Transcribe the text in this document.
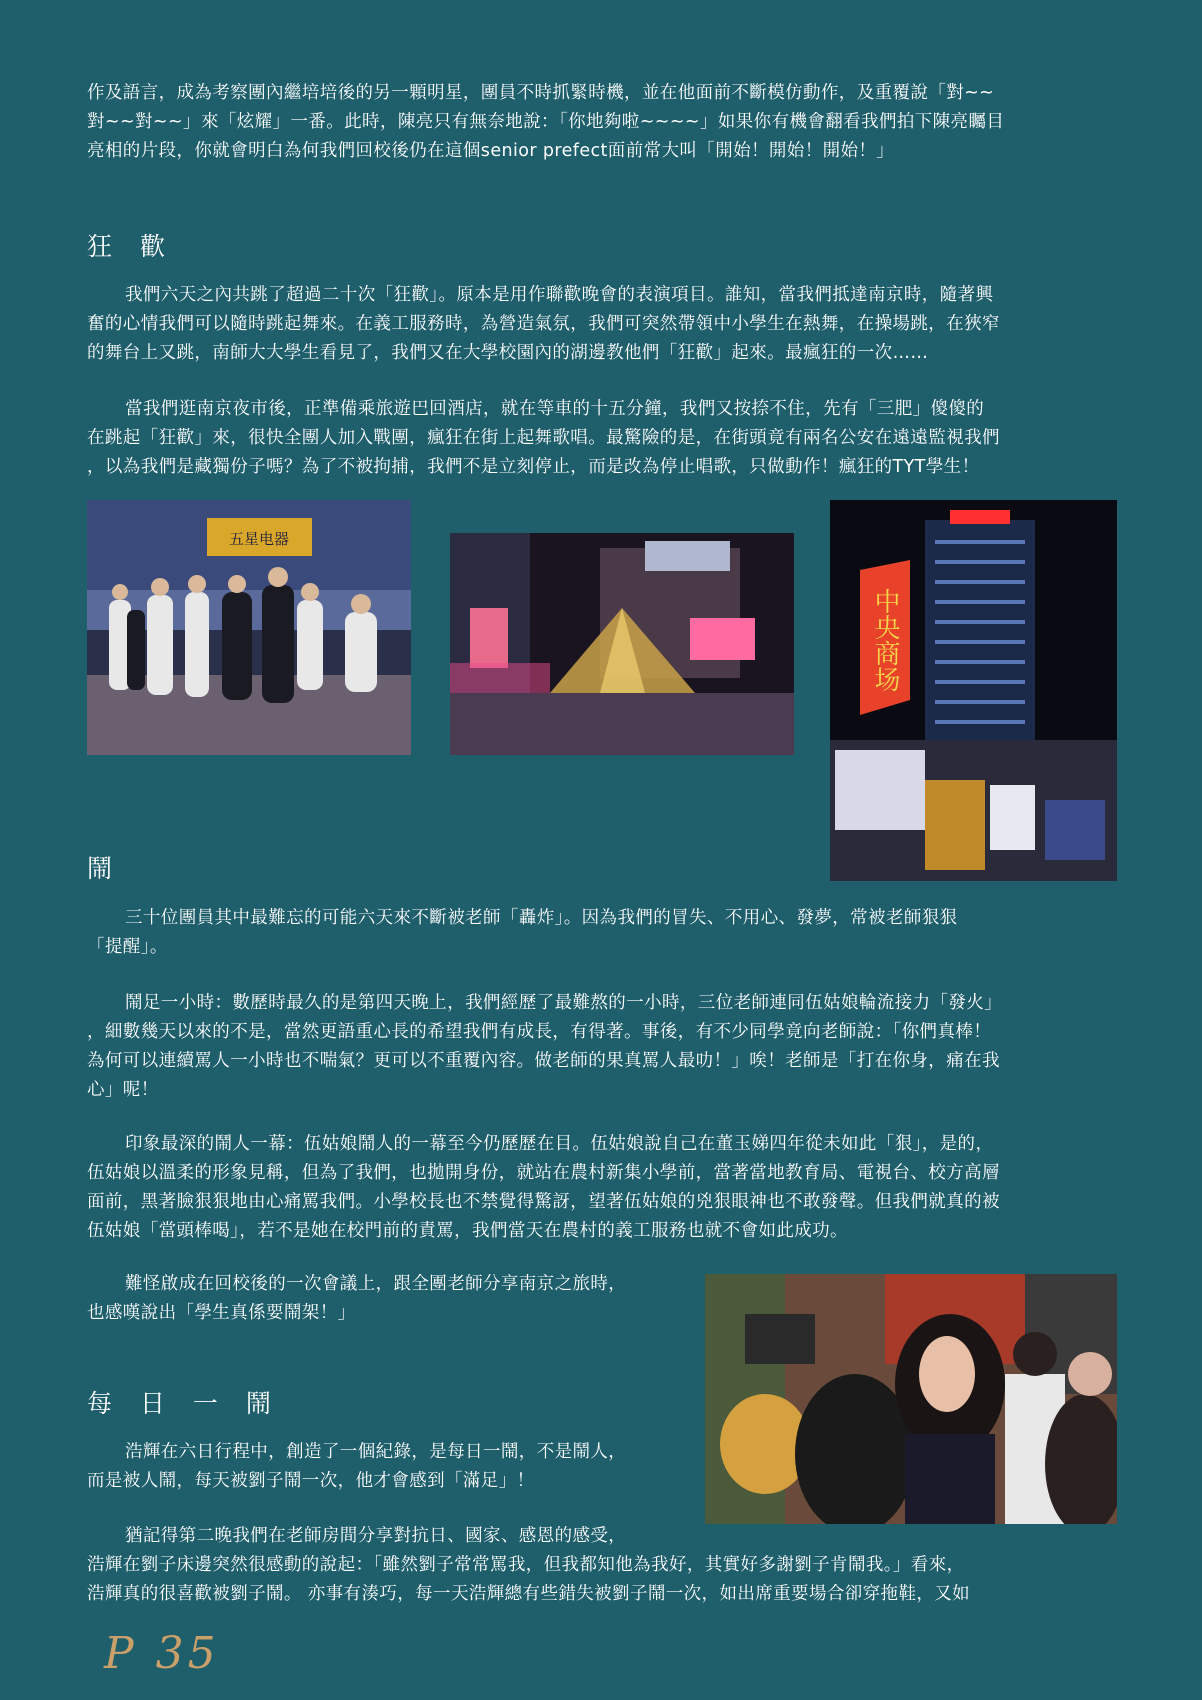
作及語言，成為考察團內繼培培後的另一顆明星，團員不時抓緊時機，並在他面前不斷模仿動作，及重覆說「對~~

對~~對~~」來「炫耀」一番。此時，陳亮只有無奈地說：「你地夠啦~~~~」如果你有機會翻看我們拍下陳亮矚目

亮相的片段，你就會明白為何我們回校後仍在這個senior prefect面前常大叫「開始！開始！開始！」

狂 歡

我們六天之內共跳了超過二十次「狂歡」。原本是用作聯歡晚會的表演項目。誰知，當我們抵達南京時，隨著興

奮的心情我們可以隨時跳起舞來。在義工服務時，為營造氣氛，我們可突然帶領中小學生在熱舞，在操場跳，在狹窄

的舞台上又跳，南師大大學生看見了，我們又在大學校園內的湖邊教他們「狂歡」起來。最瘋狂的一次……

當我們逛南京夜市後，正準備乘旅遊巴回酒店，就在等車的十五分鐘，我們又按捺不住，先有「三肥」傻傻的

在跳起「狂歡」來，很快全團人加入戰團，瘋狂在街上起舞歌唱。最驚險的是，在街頭竟有兩名公安在遠遠監視我們

，以為我們是藏獨份子嗎？為了不被拘捕，我們不是立刻停止，而是改為停止唱歌，只做動作！瘋狂的TYT學生！

鬧

三十位團員其中最難忘的可能六天來不斷被老師「轟炸」。因為我們的冒失、不用心、發夢，常被老師狠狠

「提醒」。

鬧足一小時：數歷時最久的是第四天晚上，我們經歷了最難熬的一小時，三位老師連同伍姑娘輪流接力「發火」

，細數幾天以來的不是，當然更語重心長的希望我們有成長，有得著。事後，有不少同學竟向老師說：「你們真棒！

為何可以連續罵人一小時也不喘氣？更可以不重覆內容。做老師的果真罵人最叻！」唉！老師是「打在你身，痛在我

心」呢！

印象最深的鬧人一幕：伍姑娘鬧人的一幕至今仍歷歷在目。伍姑娘說自己在董玉娣四年從未如此「狠」，是的，

伍姑娘以溫柔的形象見稱，但為了我們，也拋開身份，就站在農村新集小學前，當著當地教育局、電視台、校方高層

面前，黑著臉狠狠地由心痛罵我們。小學校長也不禁覺得驚訝，望著伍姑娘的兇狠眼神也不敢發聲。但我們就真的被

伍姑娘「當頭棒喝」，若不是她在校門前的責罵，我們當天在農村的義工服務也就不會如此成功。

難怪啟成在回校後的一次會議上，跟全團老師分享南京之旅時，

也感嘆說出「學生真係要鬧架！」

每 日 一 鬧

浩輝在六日行程中，創造了一個紀錄，是每日一鬧，不是鬧人，

而是被人鬧，每天被劉子鬧一次，他才會感到「滿足」！

猶記得第二晚我們在老師房間分享對抗日、國家、感恩的感受，

浩輝在劉子床邊突然很感動的說起：「雖然劉子常常罵我，但我都知他為我好，其實好多謝劉子肯鬧我。」看來，

浩輝真的很喜歡被劉子鬧。 亦事有湊巧，每一天浩輝總有些錯失被劉子鬧一次，如出席重要場合卻穿拖鞋，又如

五星电器
中央商场
P 35
